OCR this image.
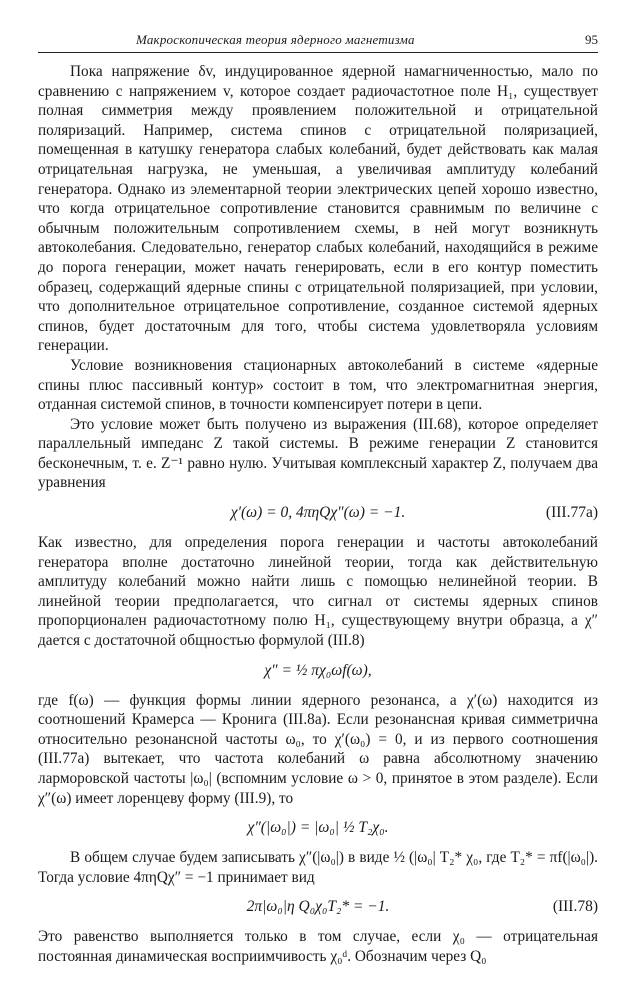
Макроскопическая теория ядерного магнетизма	95

Пока напряжение δv, индуцированное ядерной намагниченностью, мало по сравнению с напряжением v, которое создает радиочастотное поле H₁, существует полная симметрия между проявлением положительной и отрицательной поляризаций. Например, система спинов с отрицательной поляризацией, помещенная в катушку генератора слабых колебаний, будет действовать как малая отрицательная нагрузка, не уменьшая, а увеличивая амплитуду колебаний генератора. Однако из элементарной теории электрических цепей хорошо известно, что когда отрицательное сопротивление становится сравнимым по величине с обычным положительным сопротивлением схемы, в ней могут возникнуть автоколебания. Следовательно, генератор слабых колебаний, находящийся в режиме до порога генерации, может начать генерировать, если в его контур поместить образец, содержащий ядерные спины с отрицательной поляризацией, при условии, что дополнительное отрицательное сопротивление, созданное системой ядерных спинов, будет достаточным для того, чтобы система удовлетворяла условиям генерации.

Условие возникновения стационарных автоколебаний в системе «ядерные спины плюс пассивный контур» состоит в том, что электромагнитная энергия, отданная системой спинов, в точности компенсирует потери в цепи.

Это условие может быть получено из выражения (III.68), которое определяет параллельный импеданс Z такой системы. В режиме генерации Z становится бесконечным, т. е. Z⁻¹ равно нулю. Учитывая комплексный характер Z, получаем два уравнения

χ′(ω) = 0, 4πηQχ″(ω) = −1.	(III.77a)

Как известно, для определения порога генерации и частоты автоколебаний генератора вполне достаточно линейной теории, тогда как действительную амплитуду колебаний можно найти лишь с помощью нелинейной теории. В линейной теории предполагается, что сигнал от системы ядерных спинов пропорционален радиочастотному полю H₁, существующему внутри образца, а χ″ дается с достаточной общностью формулой (III.8)

χ″ = ½ πχ₀ωf(ω),

где f(ω) — функция формы линии ядерного резонанса, а χ′(ω) находится из соотношений Крамерса — Кронига (III.8a). Если резонансная кривая симметрична относительно резонансной частоты ω₀, то χ′(ω₀) = 0, и из первого соотношения (III.77a) вытекает, что частота колебаний ω равна абсолютному значению ларморовской частоты |ω₀| (вспомним условие ω > 0, принятое в этом разделе). Если χ″(ω) имеет лоренцеву форму (III.9), то

χ″(|ω₀|) = |ω₀| ½ T₂χ₀.

В общем случае будем записывать χ″(|ω₀|) в виде ½ (|ω₀| T₂* χ₀, где T₂* = πf(|ω₀|). Тогда условие 4πηQχ″ = −1 принимает вид

2π|ω₀|η Q₀χ₀T₂* = −1.	(III.78)

Это равенство выполняется только в том случае, если χ₀ — отрицательная постоянная динамическая восприимчивость χ₀ᵈ. Обозначим через Q₀
